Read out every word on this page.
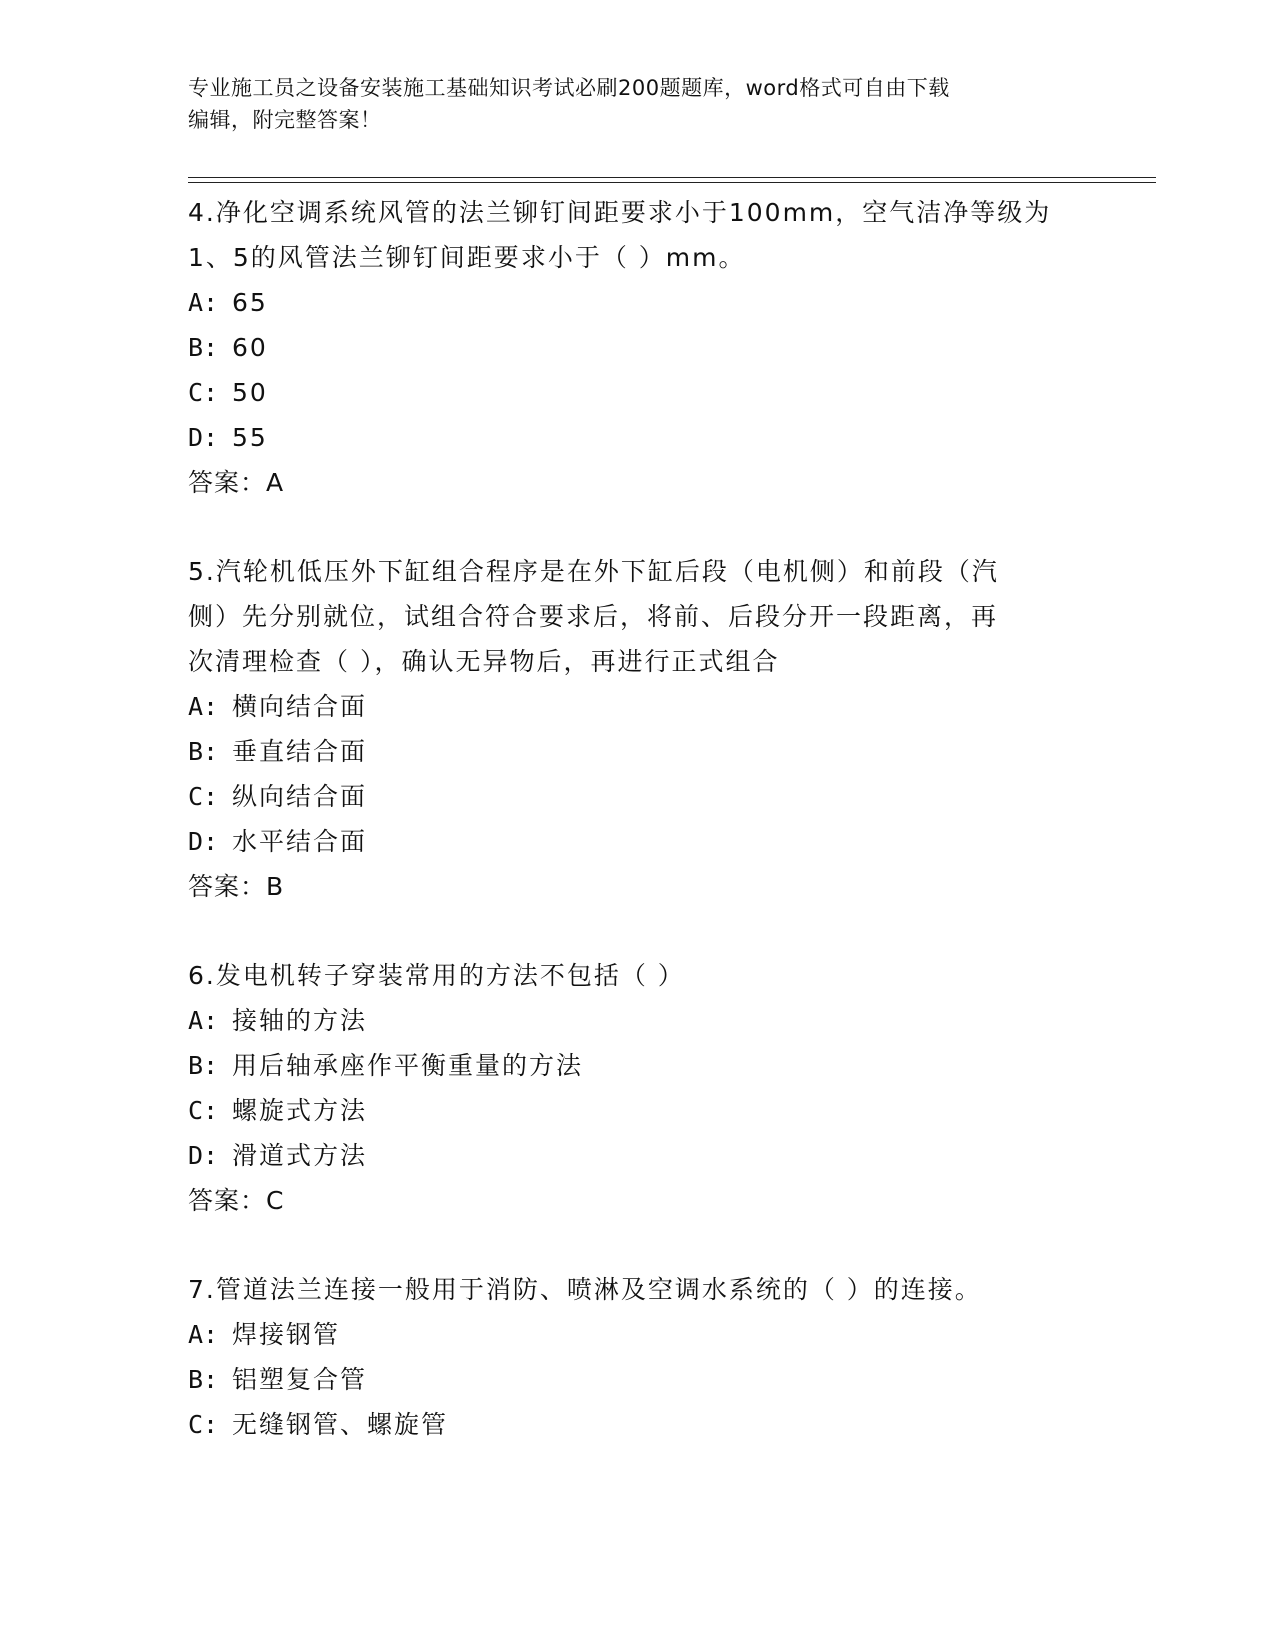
专业施工员之设备安装施工基础知识考试必刷200题题库，word格式可自由下载
编辑，附完整答案！

4.净化空调系统风管的法兰铆钉间距要求小于100mm，空气洁净等级为
1、5的风管法兰铆钉间距要求小于（ ）mm。

A: 65
B: 60
C: 50
D: 55

答案：A

5.汽轮机低压外下缸组合程序是在外下缸后段（电机侧）和前段（汽
侧）先分别就位，试组合符合要求后，将前、后段分开一段距离，再
次清理检查（ ），确认无异物后，再进行正式组合

A: 横向结合面
B: 垂直结合面
C: 纵向结合面
D: 水平结合面

答案：B

6.发电机转子穿装常用的方法不包括（ ）

A: 接轴的方法
B: 用后轴承座作平衡重量的方法
C: 螺旋式方法
D: 滑道式方法

答案：C

7.管道法兰连接一般用于消防、喷淋及空调水系统的（ ）的连接。

A: 焊接钢管
B: 铝塑复合管
C: 无缝钢管、螺旋管
